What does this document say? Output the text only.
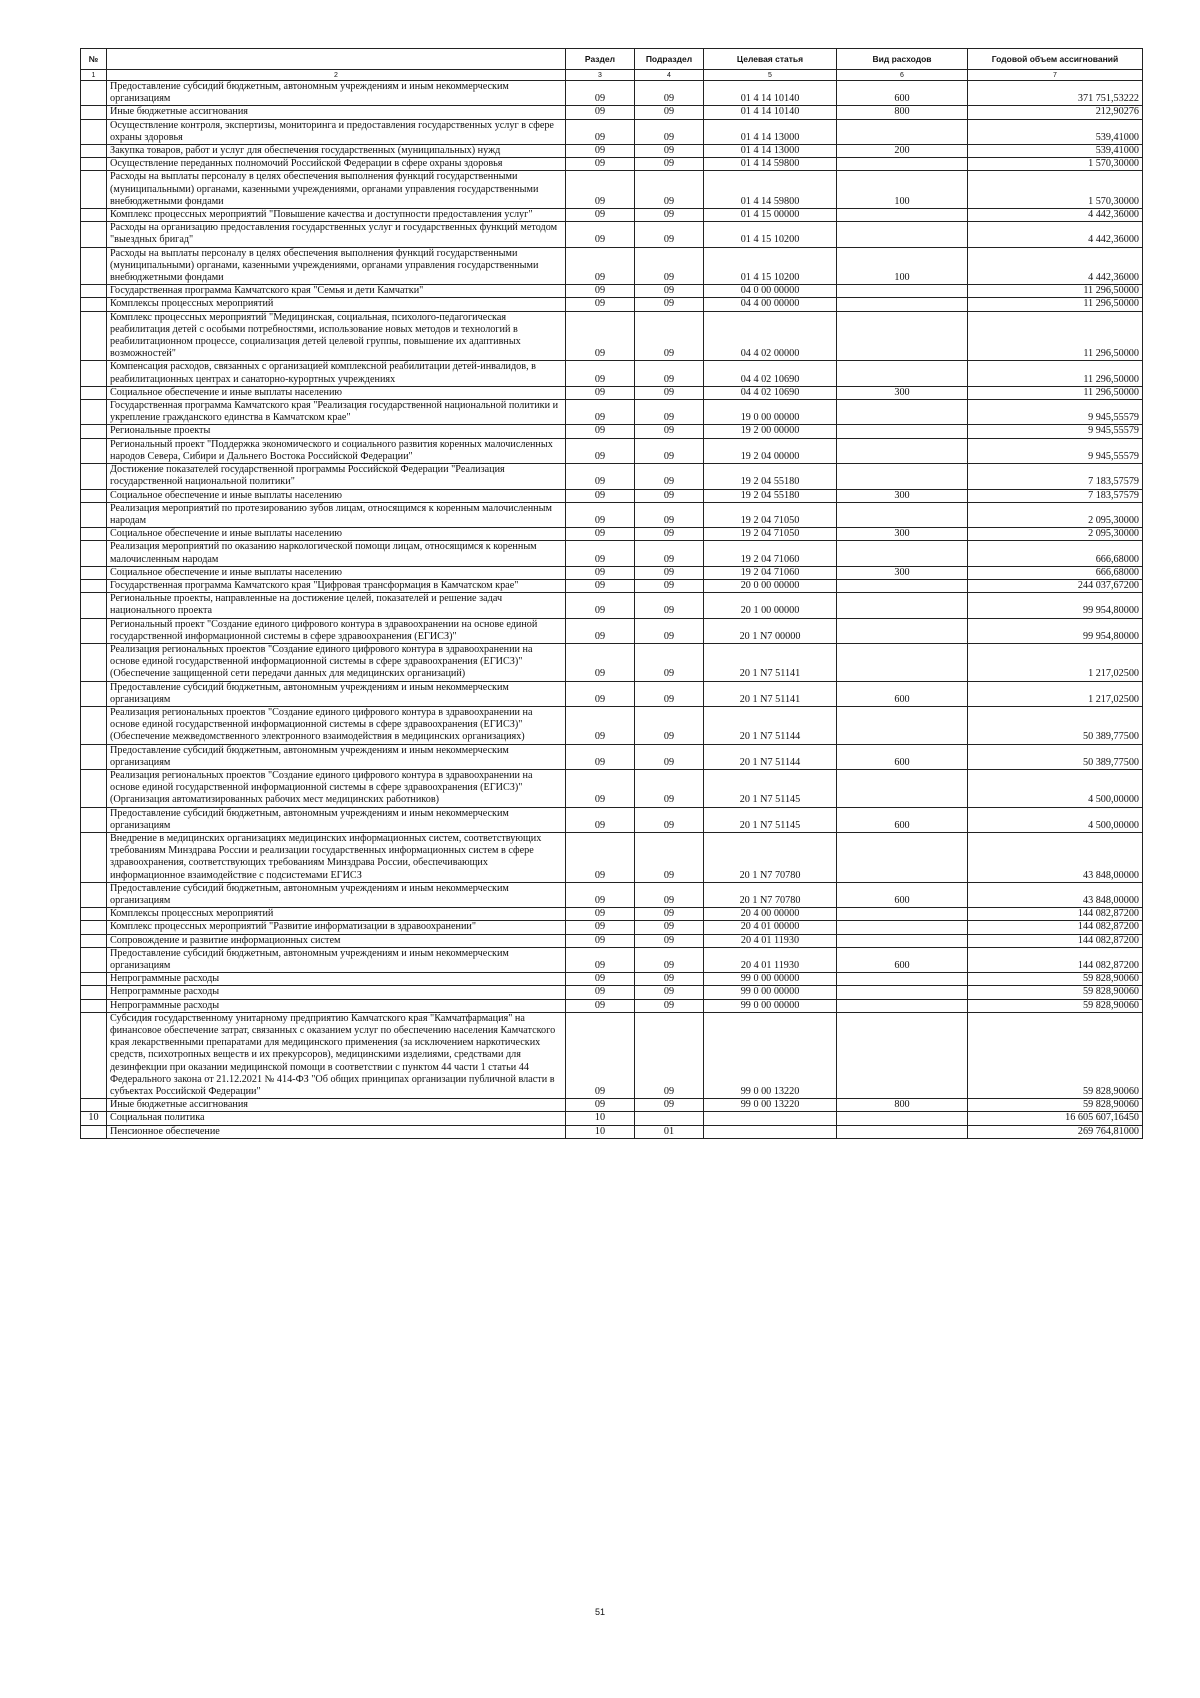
№		Раздел	Подраздел	Целевая статья	Вид расходов	Годовой объем ассигнований
1	2	3	4	5	6	7
	Предоставление субсидий бюджетным, автономным учреждениям и иным некоммерческим организациям	09	09	01 4 14 10140	600	371 751,53222
	Иные бюджетные ассигнования	09	09	01 4 14 10140	800	212,90276
	Осуществление контроля, экспертизы, мониторинга и предоставления государственных услуг в сфере охраны здоровья	09	09	01 4 14 13000		539,41000
	Закупка товаров, работ и услуг для обеспечения государственных (муниципальных) нужд	09	09	01 4 14 13000	200	539,41000
	Осуществление переданных полномочий Российской Федерации в сфере охраны здоровья	09	09	01 4 14 59800		1 570,30000
	Расходы на выплаты персоналу в целях обеспечения выполнения функций государственными (муниципальными) органами, казенными учреждениями, органами управления государственными внебюджетными фондами	09	09	01 4 14 59800	100	1 570,30000
	Комплекс процессных мероприятий "Повышение качества и доступности предоставления услуг"	09	09	01 4 15 00000		4 442,36000
	Расходы на организацию предоставления государственных услуг и государственных функций методом "выездных бригад"	09	09	01 4 15 10200		4 442,36000
	Расходы на выплаты персоналу в целях обеспечения выполнения функций государственными (муниципальными) органами, казенными учреждениями, органами управления государственными внебюджетными фондами	09	09	01 4 15 10200	100	4 442,36000
	Государственная программа Камчатского края "Семья и дети Камчатки"	09	09	04 0 00 00000		11 296,50000
	Комплексы процессных мероприятий	09	09	04 4 00 00000		11 296,50000
	Комплекс процессных мероприятий "Медицинская, социальная, психолого-педагогическая реабилитация детей с особыми потребностями, использование новых методов и технологий в реабилитационном процессе, социализация детей целевой группы, повышение их адаптивных возможностей"	09	09	04 4 02 00000		11 296,50000
	Компенсация расходов, связанных с организацией комплексной реабилитации детей-инвалидов, в реабилитационных центрах и санаторно-курортных учреждениях	09	09	04 4 02 10690		11 296,50000
	Социальное обеспечение и иные выплаты населению	09	09	04 4 02 10690	300	11 296,50000
	Государственная программа Камчатского края "Реализация государственной национальной политики и укрепление гражданского единства в Камчатском крае"	09	09	19 0 00 00000		9 945,55579
	Региональные проекты	09	09	19 2 00 00000		9 945,55579
	Региональный проект "Поддержка экономического и социального развития коренных малочисленных народов Севера, Сибири и Дальнего Востока Российской Федерации"	09	09	19 2 04 00000		9 945,55579
	Достижение показателей государственной программы Российской Федерации "Реализация государственной национальной политики"	09	09	19 2 04 55180		7 183,57579
	Социальное обеспечение и иные выплаты населению	09	09	19 2 04 55180	300	7 183,57579
	Реализация мероприятий по протезированию зубов лицам, относящимся к коренным малочисленным народам	09	09	19 2 04 71050		2 095,30000
	Социальное обеспечение и иные выплаты населению	09	09	19 2 04 71050	300	2 095,30000
	Реализация мероприятий по оказанию наркологической помощи лицам, относящимся к коренным малочисленным народам	09	09	19 2 04 71060		666,68000
	Социальное обеспечение и иные выплаты населению	09	09	19 2 04 71060	300	666,68000
	Государственная программа Камчатского края "Цифровая трансформация в Камчатском крае"	09	09	20 0 00 00000		244 037,67200
	Региональные проекты, направленные на достижение целей, показателей и решение задач национального проекта	09	09	20 1 00 00000		99 954,80000
	Региональный проект "Создание единого цифрового контура в здравоохранении на основе единой государственной информационной системы в сфере здравоохранения (ЕГИСЗ)"	09	09	20 1 N7 00000		99 954,80000
	Реализация региональных проектов "Создание единого цифрового контура в здравоохранении на основе единой государственной информационной системы в сфере здравоохранения (ЕГИСЗ)" (Обеспечение защищенной сети передачи данных для медицинских организаций)	09	09	20 1 N7 51141		1 217,02500
	Предоставление субсидий бюджетным, автономным учреждениям и иным некоммерческим организациям	09	09	20 1 N7 51141	600	1 217,02500
	Реализация региональных проектов "Создание единого цифрового контура в здравоохранении на основе единой государственной информационной системы в сфере здравоохранения (ЕГИСЗ)" (Обеспечение межведомственного электронного взаимодействия в медицинских организациях)	09	09	20 1 N7 51144		50 389,77500
	Предоставление субсидий бюджетным, автономным учреждениям и иным некоммерческим организациям	09	09	20 1 N7 51144	600	50 389,77500
	Реализация региональных проектов "Создание единого цифрового контура в здравоохранении на основе единой государственной информационной системы в сфере здравоохранения (ЕГИСЗ)" (Организация автоматизированных рабочих мест медицинских работников)	09	09	20 1 N7 51145		4 500,00000
	Предоставление субсидий бюджетным, автономным учреждениям и иным некоммерческим организациям	09	09	20 1 N7 51145	600	4 500,00000
	Внедрение в медицинских организациях медицинских информационных систем, соответствующих требованиям Минздрава России и реализации государственных информационных систем в сфере здравоохранения, соответствующих требованиям Минздрава России, обеспечивающих информационное взаимодействие с подсистемами ЕГИСЗ	09	09	20 1 N7 70780		43 848,00000
	Предоставление субсидий бюджетным, автономным учреждениям и иным некоммерческим организациям	09	09	20 1 N7 70780	600	43 848,00000
	Комплексы процессных мероприятий	09	09	20 4 00 00000		144 082,87200
	Комплекс процессных мероприятий "Развитие информатизации в здравоохранении"	09	09	20 4 01 00000		144 082,87200
	Сопровождение и развитие информационных систем	09	09	20 4 01 11930		144 082,87200
	Предоставление субсидий бюджетным, автономным учреждениям и иным некоммерческим организациям	09	09	20 4 01 11930	600	144 082,87200
	Непрограммные расходы	09	09	99 0 00 00000		59 828,90060
	Непрограммные расходы	09	09	99 0 00 00000		59 828,90060
	Непрограммные расходы	09	09	99 0 00 00000		59 828,90060
	Субсидия государственному унитарному предприятию Камчатского края "Камчатфармация" на финансовое обеспечение затрат, связанных с оказанием услуг по обеспечению населения Камчатского края лекарственными препаратами для медицинского применения (за исключением наркотических средств, психотропных веществ и их прекурсоров), медицинскими изделиями, средствами для дезинфекции при оказании медицинской помощи в соответствии с пунктом 44 части 1 статьи 44 Федерального закона от 21.12.2021 № 414-ФЗ "Об общих принципах организации публичной власти в субъектах Российской Федерации"	09	09	99 0 00 13220		59 828,90060
	Иные бюджетные ассигнования	09	09	99 0 00 13220	800	59 828,90060
10	Социальная политика	10				16 605 607,16450
	Пенсионное обеспечение	10	01			269 764,81000
51
